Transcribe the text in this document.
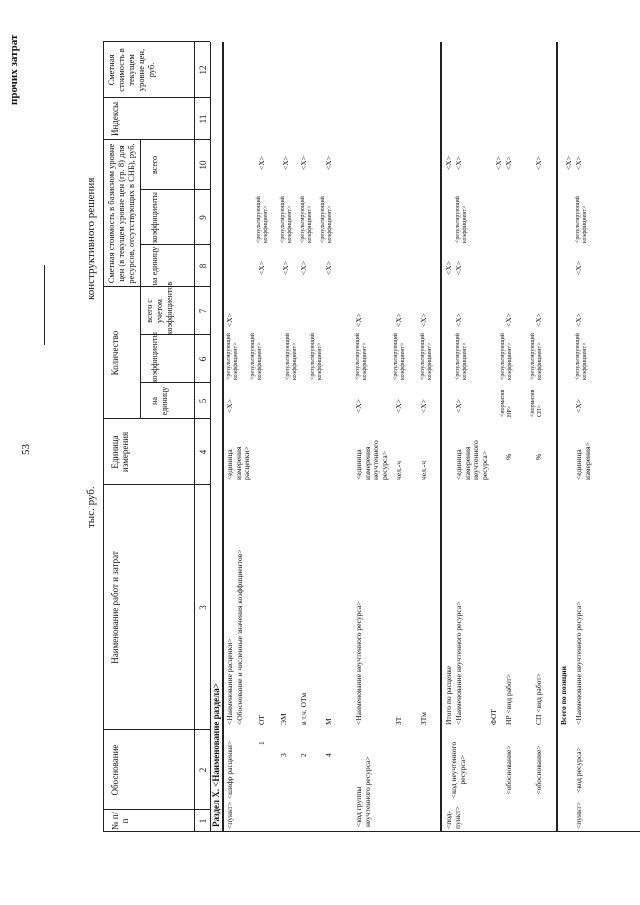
прочих затрат
53
тыс. руб.
конструктивного решения
№ п/п
Обоснование
Наименование работ и затрат
Единица измерения
Количество
на единицу
коэффициенты
всего с учетом коэффициентов
Сметная стоимость в базисном уровне цен (в текущем уровне цен (гр. 8) для ресурсов, отсутствующих в СНБ), руб. на единицу
коэффициенты
всего
Индексы
Сметная стоимость в текущем уровне цен, руб.
1
2
3
4
5
6
7
8
9
10
11
12
Раздел X. <Наименование раздела> <пункт>
<шифр расценки>
<Наименование расценки> <Обоснование и численные значения коэффициентов>
<единица измерения расценки>
<X>
<результирующий коэффициент>
<X>
1
ОТ
3
ЭМ
2
в т.ч. ОТм
4
М
<X>
<результирующий коэффициент>
<X>
<X>
<результирующий коэффициент>
<X>
<X>
<результирующий коэффициент>
<X>
<X>
<результирующий коэффициент>
<X>
<результирующий коэффициент>	<результирующий коэффициент> <результирующий коэффициент>
<код группы неучтенного ресурса>
<Наименование неучтенного ресурса>
<единица измерения неучтенного ресурса>
<X>
<результирующий коэффициент>
<X>
ЗТ
чел.-ч
<X>
<результирующий коэффициент>
<X>
ЗТм
чел.-ч
<X>
<результирующий коэффициент>
<X>
<под-пункт>
<код неучтенного ресурса>
Итого по расценке <Наименование неучтенного ресурса>
<единица измерения неучтенного ресурса>
<X>
<результирующий коэффициент>
<X>
<X> <X>
<результирующий коэффициент>
<X> <X>
ФОТ
<обоснование>
НР <вид работ>
%
<норматив НР>
<результирующий коэффициент>
<X>
<X> <X>
<обоснование>
СП <вид работ>
%
<норматив СП>
<результирующий коэффициент>
<X>
<X>
Всего по позиции
<пункт>
<код ресурса>
<Наименование неучтенного ресурса>
<единица измерения>
<X>
<результирующий коэффициент>
<X>
<X>
<результирующий коэффициент>
<X> <X>
